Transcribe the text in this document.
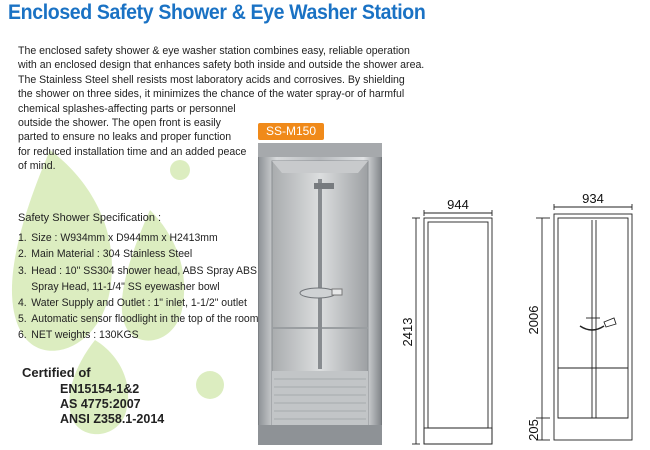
Enclosed Safety Shower & Eye Washer Station
The enclosed safety shower & eye washer station combines easy, reliable operation
with an enclosed design that enhances safety both inside and outside the shower area.
The Stainless Steel shell resists most laboratory acids and corrosives. By shielding
the shower on three sides, it minimizes the chance of the water spray-or of harmful
chemical splashes-affecting parts or personnel
outside the shower. The open front is easily
parted to ensure no leaks and proper function
for reduced installation time and an added peace
of mind.
SS-M150
Safety Shower Specification :
1. Size : W934mm x D944mm x H2413mm
2. Main Material : 304 Stainless Steel
3. Head : 10" SS304 shower head, ABS Spray ABS
Spray Head, 11-1/4" SS eyewasher bowl
4. Water Supply and Outlet : 1" inlet, 1-1/2" outlet
5. Automatic sensor floodlight in the top of the room
6. NET weights : 130KGS
Certified of
EN15154-1&2
AS 4775:2007
ANSI Z358.1-2014
944	934
2413	2006
205
